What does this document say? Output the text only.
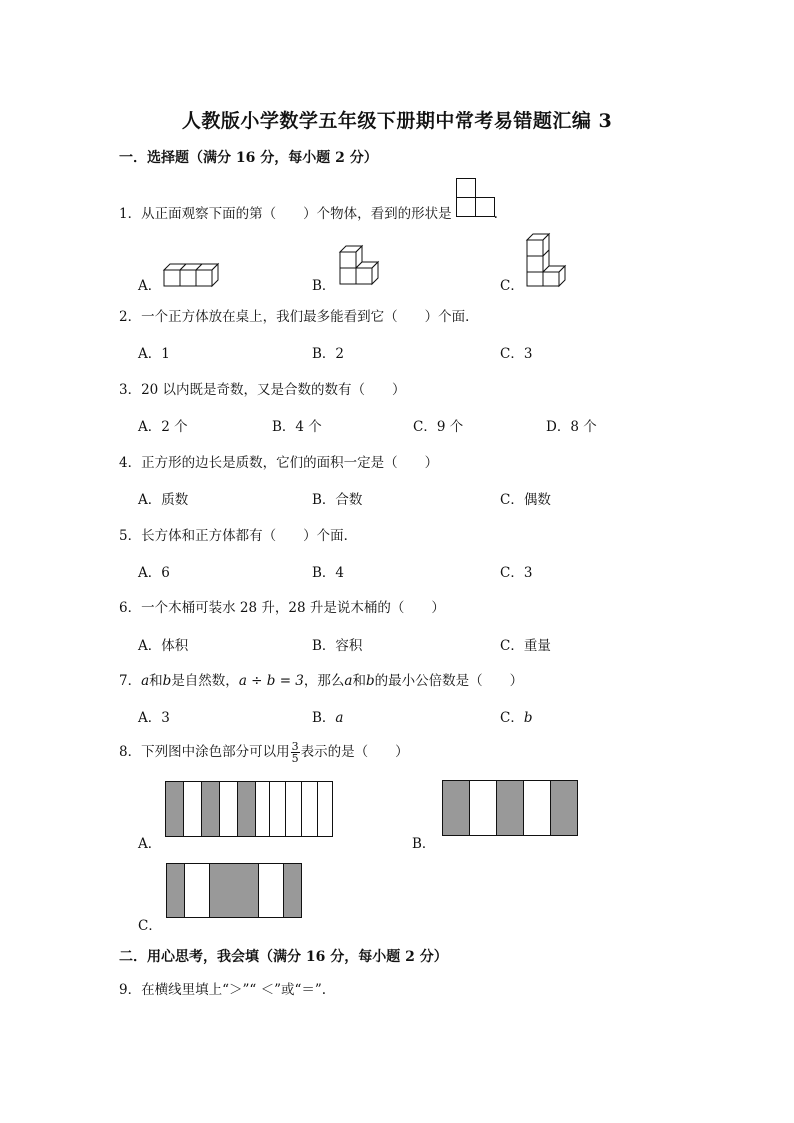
人教版小学数学五年级下册期中常考易错题汇编 3
一．选择题（满分 16 分，每小题 2 分）
1．从正面观察下面的第（　　）个物体，看到的形状是	.
A．	B．	C．
2．一个正方体放在桌上，我们最多能看到它（　　）个面．
A．1	B．2	C．3
3．20 以内既是奇数，又是合数的数有（　　）
A．2 个	B．4 个	C．9 个	D．8 个
4．正方形的边长是质数，它们的面积一定是（　　）
A．质数	B．合数	C．偶数
5．长方体和正方体都有（　　）个面．
A．6	B．4	C．3
6．一个木桶可装水 28 升，28 升是说木桶的（　　）
A．体积	B．容积	C．重量
7．a和b是自然数，a ÷ b = 3，那么a和b的最小公倍数是（　　）
A．3	B．a	C．b
8．下列图中涂色部分可以用 $\frac{3}{5}$ 表示的是（　　）
A．	B．
C．
二．用心思考，我会填（满分 16 分，每小题 2 分）
9．在横线里填上“＞”“ ＜”或“＝”.
